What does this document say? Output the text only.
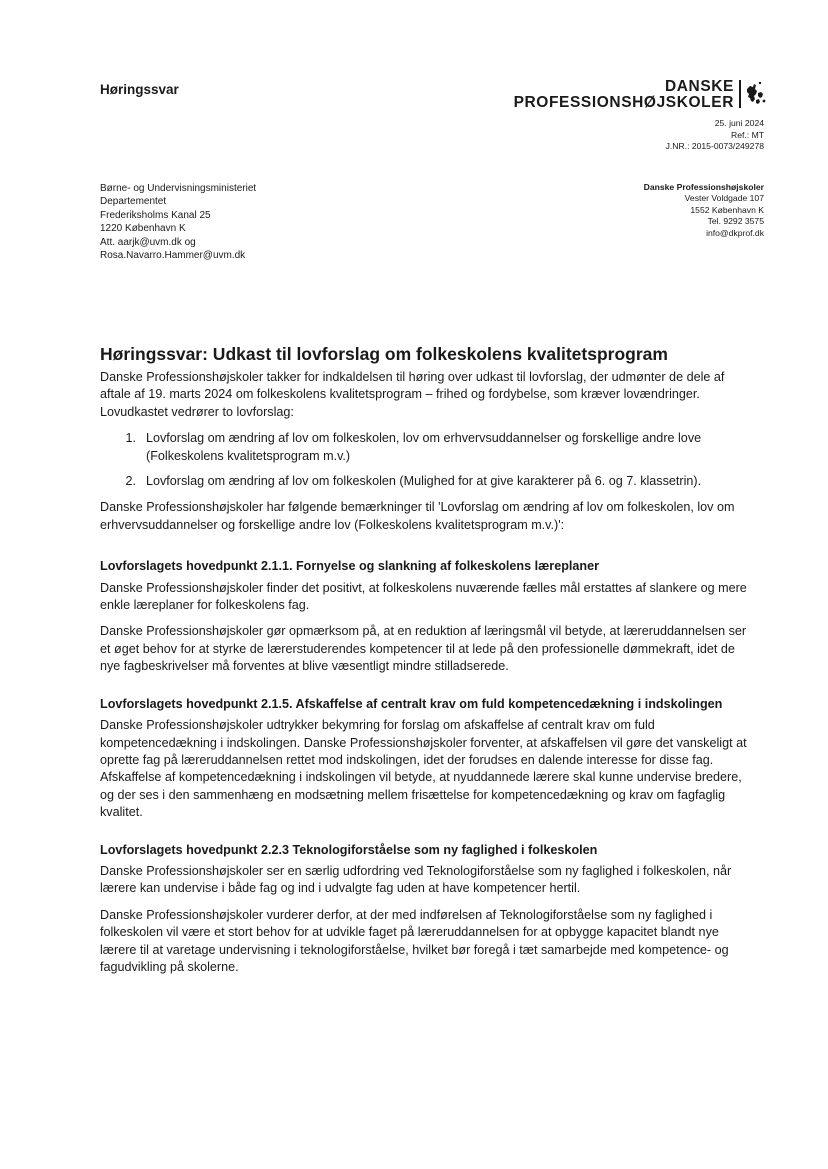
Høringssvar	DANSKE
PROFESSIONSHØJSKOLER
25. juni 2024
Ref.: MT
J.NR.: 2015-0073/249278
Børne- og Undervisningsministeriet
Departementet
Frederiksholms Kanal 25
1220 København K
Att. aarjk@uvm.dk og
Rosa.Navarro.Hammer@uvm.dk
Danske Professionshøjskoler
Vester Voldgade 107
1552 København K
Tel. 9292 3575
info@dkprof.dk
Høringssvar: Udkast til lovforslag om folkeskolens kvalitetsprogram

Danske Professionshøjskoler takker for indkaldelsen til høring over udkast til lovforslag, der udmønter de dele af aftale af 19. marts 2024 om folkeskolens kvalitetsprogram – frihed og fordybelse, som kræver lovændringer. Lovudkastet vedrører to lovforslag:

1. Lovforslag om ændring af lov om folkeskolen, lov om erhvervsuddannelser og forskellige andre love (Folkeskolens kvalitetsprogram m.v.)
2. Lovforslag om ændring af lov om folkeskolen (Mulighed for at give karakterer på 6. og 7. klassetrin).

Danske Professionshøjskoler har følgende bemærkninger til 'Lovforslag om ændring af lov om folkeskolen, lov om erhvervsuddannelser og forskellige andre lov (Folkeskolens kvalitetsprogram m.v.)':

Lovforslagets hovedpunkt 2.1.1. Fornyelse og slankning af folkeskolens læreplaner

Danske Professionshøjskoler finder det positivt, at folkeskolens nuværende fælles mål erstattes af slankere og mere enkle læreplaner for folkeskolens fag.

Danske Professionshøjskoler gør opmærksom på, at en reduktion af læringsmål vil betyde, at læreruddannelsen ser et øget behov for at styrke de lærerstuderendes kompetencer til at lede på den professionelle dømmekraft, idet de nye fagbeskrivelser må forventes at blive væsentligt mindre stilladserede.

Lovforslagets hovedpunkt 2.1.5. Afskaffelse af centralt krav om fuld kompetencedækning i indskolingen

Danske Professionshøjskoler udtrykker bekymring for forslag om afskaffelse af centralt krav om fuld kompetencedækning i indskolingen. Danske Professionshøjskoler forventer, at afskaffelsen vil gøre det vanskeligt at oprette fag på læreruddannelsen rettet mod indskolingen, idet der forudses en dalende interesse for disse fag. Afskaffelse af kompetencedækning i indskolingen vil betyde, at nyuddannede lærere skal kunne undervise bredere, og der ses i den sammenhæng en modsætning mellem frisættelse for kompetencedækning og krav om fagfaglig kvalitet.

Lovforslagets hovedpunkt 2.2.3 Teknologiforståelse som ny faglighed i folkeskolen

Danske Professionshøjskoler ser en særlig udfordring ved Teknologiforståelse som ny faglighed i folkeskolen, når lærere kan undervise i både fag og ind i udvalgte fag uden at have kompetencer hertil.

Danske Professionshøjskoler vurderer derfor, at der med indførelsen af Teknologiforståelse som ny faglighed i folkeskolen vil være et stort behov for at udvikle faget på læreruddannelsen for at opbygge kapacitet blandt nye lærere til at varetage undervisning i teknologiforståelse, hvilket bør foregå i tæt samarbejde med kompetence- og fagudvikling på skolerne.
